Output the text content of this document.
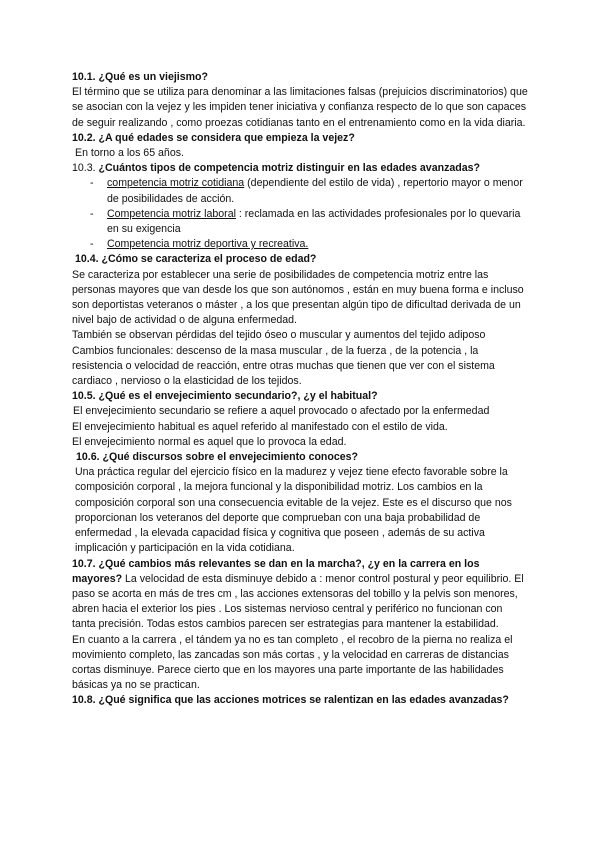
10.1. ¿Qué es un viejismo?

El término que se utiliza para denominar a las limitaciones falsas (prejuicios discriminatorios) que se asocian con la vejez y les impiden tener iniciativa y confianza respecto de lo que son capaces de seguir realizando , como proezas cotidianas tanto en el entrenamiento como en la vida diaria.

10.2. ¿A qué edades se considera que empieza la vejez?

En torno a los 65 años.

10.3. ¿Cuántos tipos de competencia motriz distinguir en las edades avanzadas?

- competencia motriz cotidiana (dependiente del estilo de vida) , repertorio mayor o menor de posibilidades de acción.
- Competencia motriz laboral : reclamada en las actividades profesionales por lo quevaria en su exigencia
- Competencia motriz deportiva y recreativa.

10.4. ¿Cómo se caracteriza el proceso de edad?

Se caracteriza por establecer una serie de posibilidades de competencia motriz entre las personas mayores que van desde los que son autónomos , están en muy buena forma e incluso son deportistas veteranos o máster , a los que presentan algún tipo de dificultad derivada de un nivel bajo de actividad o de alguna enfermedad.

También se observan pérdidas del tejido óseo o muscular y aumentos del tejido adiposo Cambios funcionales: descenso de la masa muscular , de la fuerza , de la potencia , la resistencia o velocidad de reacción, entre otras muchas que tienen que ver con el sistema cardiaco , nervioso o la elasticidad de los tejidos.

10.5. ¿Qué es el envejecimiento secundario?, ¿y el habitual?

El envejecimiento secundario se refiere a aquel provocado o afectado por la enfermedad

El envejecimiento habitual es aquel referido al manifestado con el estilo de vida.

El envejecimiento normal es aquel que lo provoca la edad.

10.6. ¿Qué discursos sobre el envejecimiento conoces?

Una práctica regular del ejercicio físico en la madurez y vejez tiene efecto favorable sobre la composición corporal , la mejora funcional y la disponibilidad motriz. Los cambios en la composición corporal son una consecuencia evitable de la vejez. Este es el discurso que nos proporcionan los veteranos del deporte que comprueban con una baja probabilidad de enfermedad , la elevada capacidad física y cognitiva que poseen , además de su activa implicación y participación en la vida cotidiana.

10.7. ¿Qué cambios más relevantes se dan en la marcha?, ¿y en la carrera en los mayores? La velocidad de esta disminuye debido a : menor control postural y peor equilibrio. El paso se acorta en más de tres cm , las acciones extensoras del tobillo y la pelvis son menores, abren hacia el exterior los pies . Los sistemas nervioso central y periférico no funcionan con tanta precisión. Todas estos cambios parecen ser estrategias para mantener la estabilidad.

En cuanto a la carrera , el tándem ya no es tan completo , el recobro de la pierna no realiza el movimiento completo, las zancadas son más cortas , y la velocidad en carreras de distancias cortas disminuye. Parece cierto que en los mayores una parte importante de las habilidades básicas ya no se practican.

10.8. ¿Qué significa que las acciones motrices se ralentizan en las edades avanzadas?
